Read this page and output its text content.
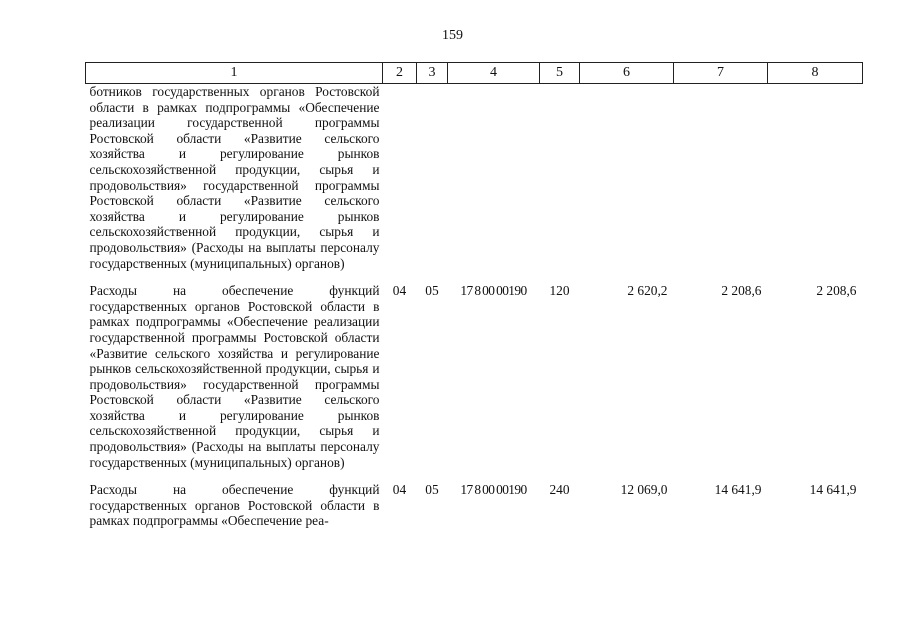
159
1	2	3	4	5	6	7	8
ботников государственных органов Ростовской области в рамках подпрограммы «Обеспечение реализации государственной программы Ростовской области «Развитие сельского хозяйства и регулирование рынков сельскохозяйственной продукции, сырья и продовольствия» государственной программы Ростовской области «Развитие сельского хозяйства и регулирование рынков сельскохозяйственной продукции, сырья и продовольствия» (Расходы на выплаты персоналу государственных (муниципальных) органов)							
Расходы на обеспечение функций государственных органов Ростовской области в рамках подпрограммы «Обеспечение реализации государственной программы Ростовской области «Развитие сельского хозяйства и регулирование рынков сельскохозяйственной продукции, сырья и продовольствия» государственной программы Ростовской области «Развитие сельского хозяйства и регулирование рынков сельскохозяйственной продукции, сырья и продовольствия» (Расходы на выплаты персоналу государственных (муниципальных) органов)	04	05	17 8 00 00190	120	2 620,2	2 208,6	2 208,6
Расходы на обеспечение функций государственных органов Ростовской области в рамках подпрограммы «Обеспечение реа-	04	05	17 8 00 00190	240	12 069,0	14 641,9	14 641,9
